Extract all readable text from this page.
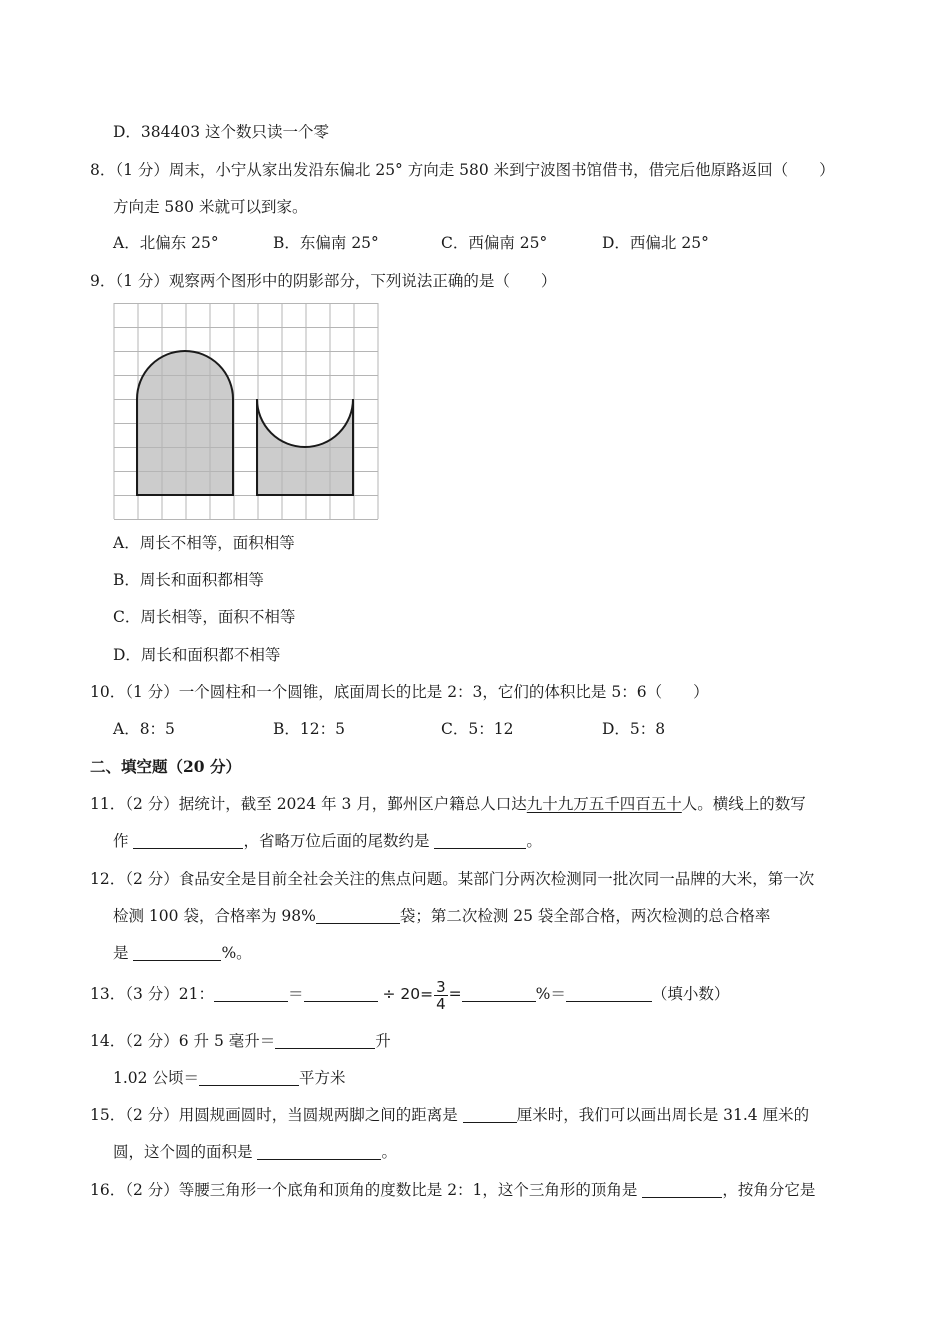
D．384403 这个数只读一个零
8．（1 分）周末，小宁从家出发沿东偏北 25° 方向走 580 米到宁波图书馆借书，借完后他原路返回（　　）
方向走 580 米就可以到家。
A．北偏东 25°	B．东偏南 25°	C．西偏南 25°	D．西偏北 25°
9．（1 分）观察两个图形中的阴影部分，下列说法正确的是（　　）
A．周长不相等，面积相等
B．周长和面积都相等
C．周长相等，面积不相等
D．周长和面积都不相等
10．（1 分）一个圆柱和一个圆锥，底面周长的比是 2：3，它们的体积比是 5：6（　　）
A．8：5	B．12：5	C．5：12	D．5：8
二、填空题（20 分）
11．（2 分）据统计，截至 2024 年 3 月，鄞州区户籍总人口达九十九万五千四百五十人。横线上的数写
作	，省略万位后面的尾数约是	。
12．（2 分）食品安全是目前全社会关注的焦点问题。某部门分两次检测同一批次同一品牌的大米，第一次
检测 100 袋，合格率为 98%	袋；第二次检测 25 袋全部合格，两次检测的总合格率
是	%。
13．（3 分）21：	＝	÷ $20= \frac{3}{4}$ =	%＝	（填小数）
14．（2 分）6 升 5 毫升＝	升
1.02 公顷＝	平方米
15．（2 分）用圆规画圆时，当圆规两脚之间的距离是	厘米时，我们可以画出周长是 31.4 厘米的
圆，这个圆的面积是	。
16．（2 分）等腰三角形一个底角和顶角的度数比是 2：1，这个三角形的顶角是	，按角分它是
